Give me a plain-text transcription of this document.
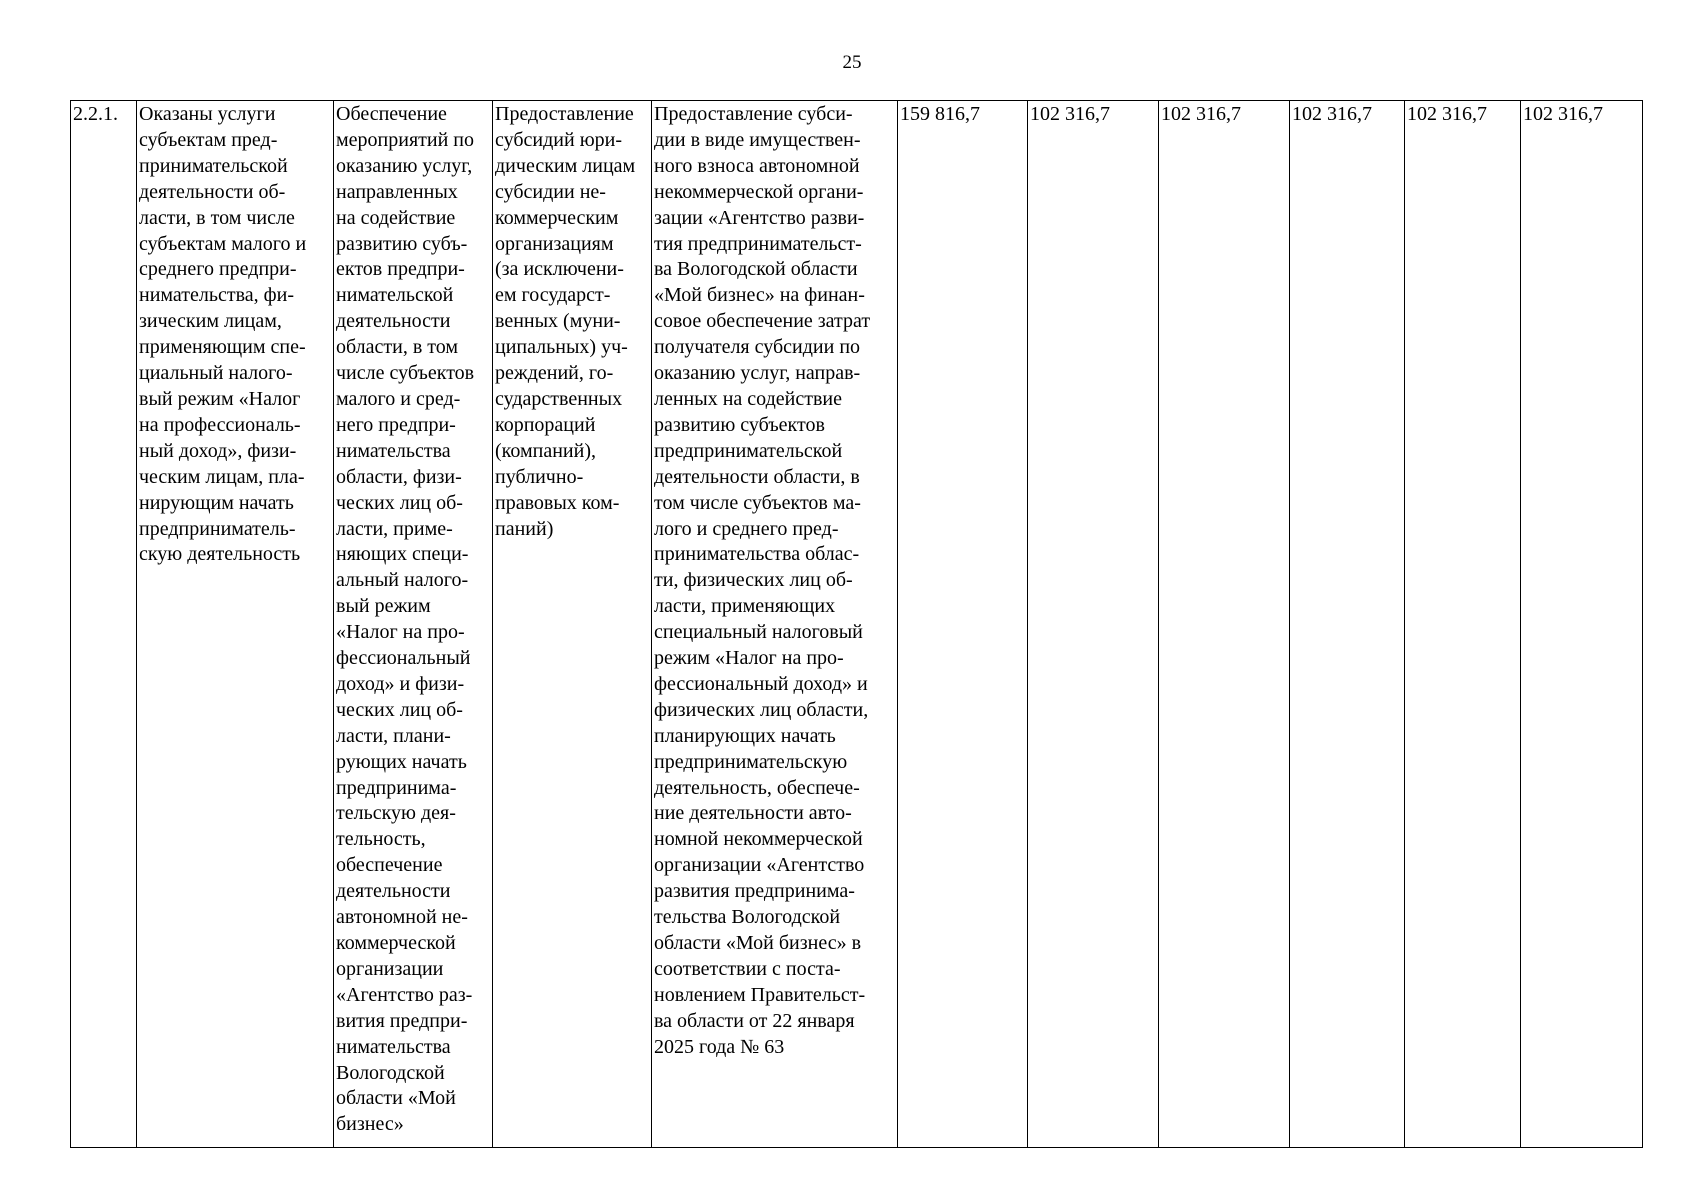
25
2.2.1.	Оказаны услуги
субъектам пред-
принимательской
деятельности об-
ласти, в том числе
субъектам малого и
среднего предпри-
нимательства, фи-
зическим лицам,
применяющим спе-
циальный налого-
вый режим «Налог
на профессиональ-
ный доход», физи-
ческим лицам, пла-
нирующим начать
предприниматель-
скую деятельность

Обеспечение
мероприятий по
оказанию услуг,
направленных
на содействие
развитию субъ-
ектов предпри-
нимательской
деятельности
области, в том
числе субъектов
малого и сред-
него предпри-
нимательства
области, физи-
ческих лиц об-
ласти, приме-
няющих специ-
альный налого-
вый режим
«Налог на про-
фессиональный
доход» и физи-
ческих лиц об-
ласти, плани-
рующих начать
предпринима-
тельскую дея-
тельность,
обеспечение
деятельности
автономной не-
коммерческой
организации
«Агентство раз-
вития предпри-
нимательства
Вологодской
области «Мой
бизнес»

Предоставление
субсидий юри-
дическим лицам
субсидии не-
коммерческим
организациям
(за исключени-
ем государст-
венных (муни-
ципальных) уч-
реждений, го-
сударственных
корпораций
(компаний),
публично-
правовых ком-
паний)

Предоставление субси-
дии в виде имуществен-
ного взноса автономной
некоммерческой органи-
зации «Агентство разви-
тия предпринимательст-
ва Вологодской области
«Мой бизнес» на финан-
совое обеспечение затрат
получателя субсидии по
оказанию услуг, направ-
ленных на содействие
развитию субъектов
предпринимательской
деятельности области, в
том числе субъектов ма-
лого и среднего пред-
принимательства облас-
ти, физических лиц об-
ласти, применяющих
специальный налоговый
режим «Налог на про-
фессиональный доход» и
физических лиц области,
планирующих начать
предпринимательскую
деятельность, обеспече-
ние деятельности авто-
номной некоммерческой
организации «Агентство
развития предпринима-
тельства Вологодской
области «Мой бизнес» в
соответствии с поста-
новлением Правительст-
ва области от 22 января
2025 года № 63
	159 816,7	102 316,7	102 316,7	102 316,7	102 316,7	102 316,7
